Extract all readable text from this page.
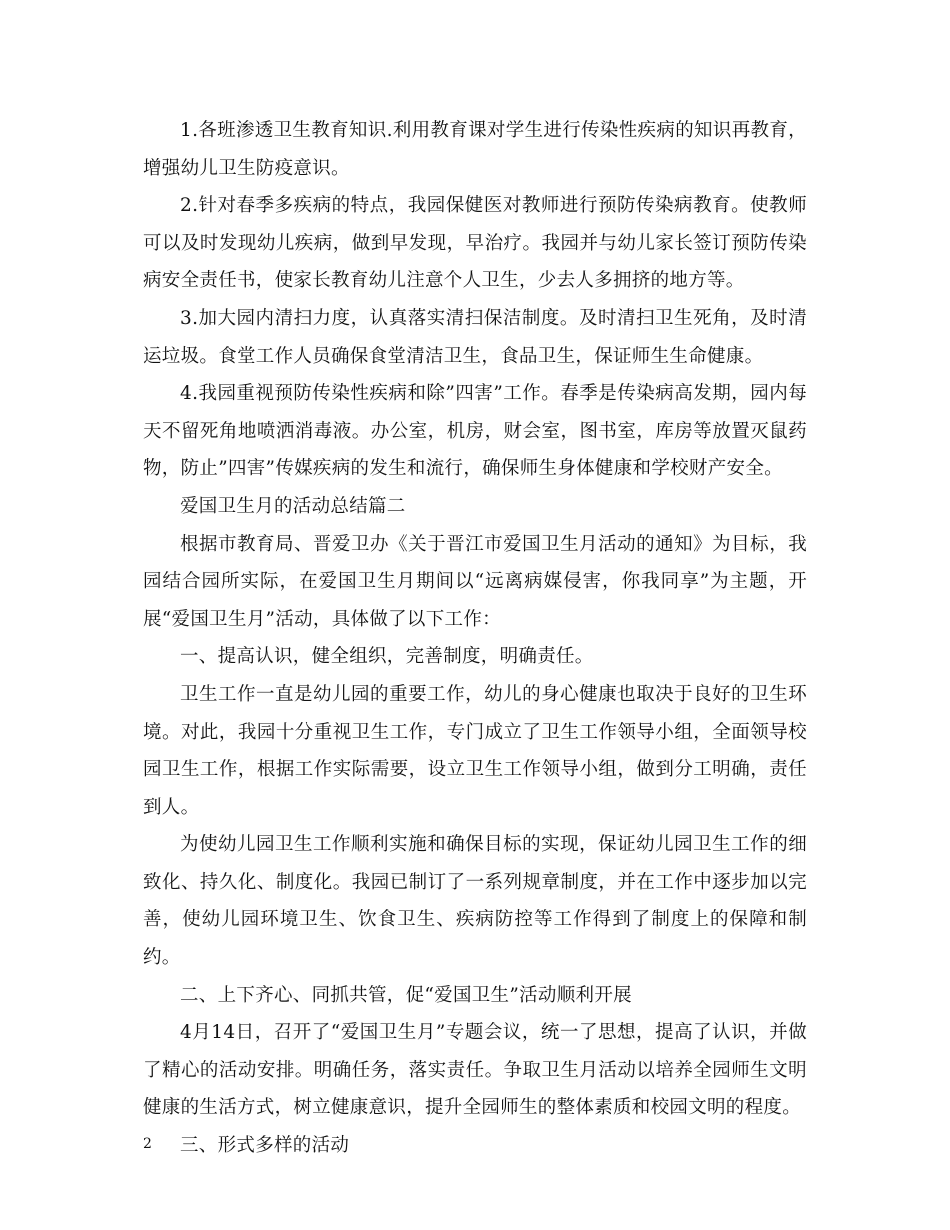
1.各班渗透卫生教育知识.利用教育课对学生进行传染性疾病的知识再教育，增强幼儿卫生防疫意识。

2.针对春季多疾病的特点，我园保健医对教师进行预防传染病教育。使教师可以及时发现幼儿疾病，做到早发现，早治疗。我园并与幼儿家长签订预防传染病安全责任书，使家长教育幼儿注意个人卫生，少去人多拥挤的地方等。

3.加大园内清扫力度，认真落实清扫保洁制度。及时清扫卫生死角，及时清运垃圾。食堂工作人员确保食堂清洁卫生，食品卫生，保证师生生命健康。

4.我园重视预防传染性疾病和除”四害”工作。春季是传染病高发期，园内每天不留死角地喷洒消毒液。办公室，机房，财会室，图书室，库房等放置灭鼠药物，防止”四害”传媒疾病的发生和流行，确保师生身体健康和学校财产安全。

爱国卫生月的活动总结篇二

根据市教育局、晋爱卫办《关于晋江市爱国卫生月活动的通知》为目标，我园结合园所实际，在爱国卫生月期间以“远离病媒侵害，你我同享”为主题，开展“爱国卫生月”活动，具体做了以下工作：

一、提高认识，健全组织，完善制度，明确责任。

卫生工作一直是幼儿园的重要工作，幼儿的身心健康也取决于良好的卫生环境。对此，我园十分重视卫生工作，专门成立了卫生工作领导小组，全面领导校园卫生工作，根据工作实际需要，设立卫生工作领导小组，做到分工明确，责任到人。

为使幼儿园卫生工作顺利实施和确保目标的实现，保证幼儿园卫生工作的细致化、持久化、制度化。我园已制订了一系列规章制度，并在工作中逐步加以完善，使幼儿园环境卫生、饮食卫生、疾病防控等工作得到了制度上的保障和制约。

二、上下齐心、同抓共管，促“爱国卫生”活动顺利开展

4月14日，召开了“爱国卫生月”专题会议，统一了思想，提高了认识，并做了精心的活动安排。明确任务，落实责任。争取卫生月活动以培养全园师生文明健康的生活方式，树立健康意识，提升全园师生的整体素质和校园文明的程度。

三、形式多样的活动

2
